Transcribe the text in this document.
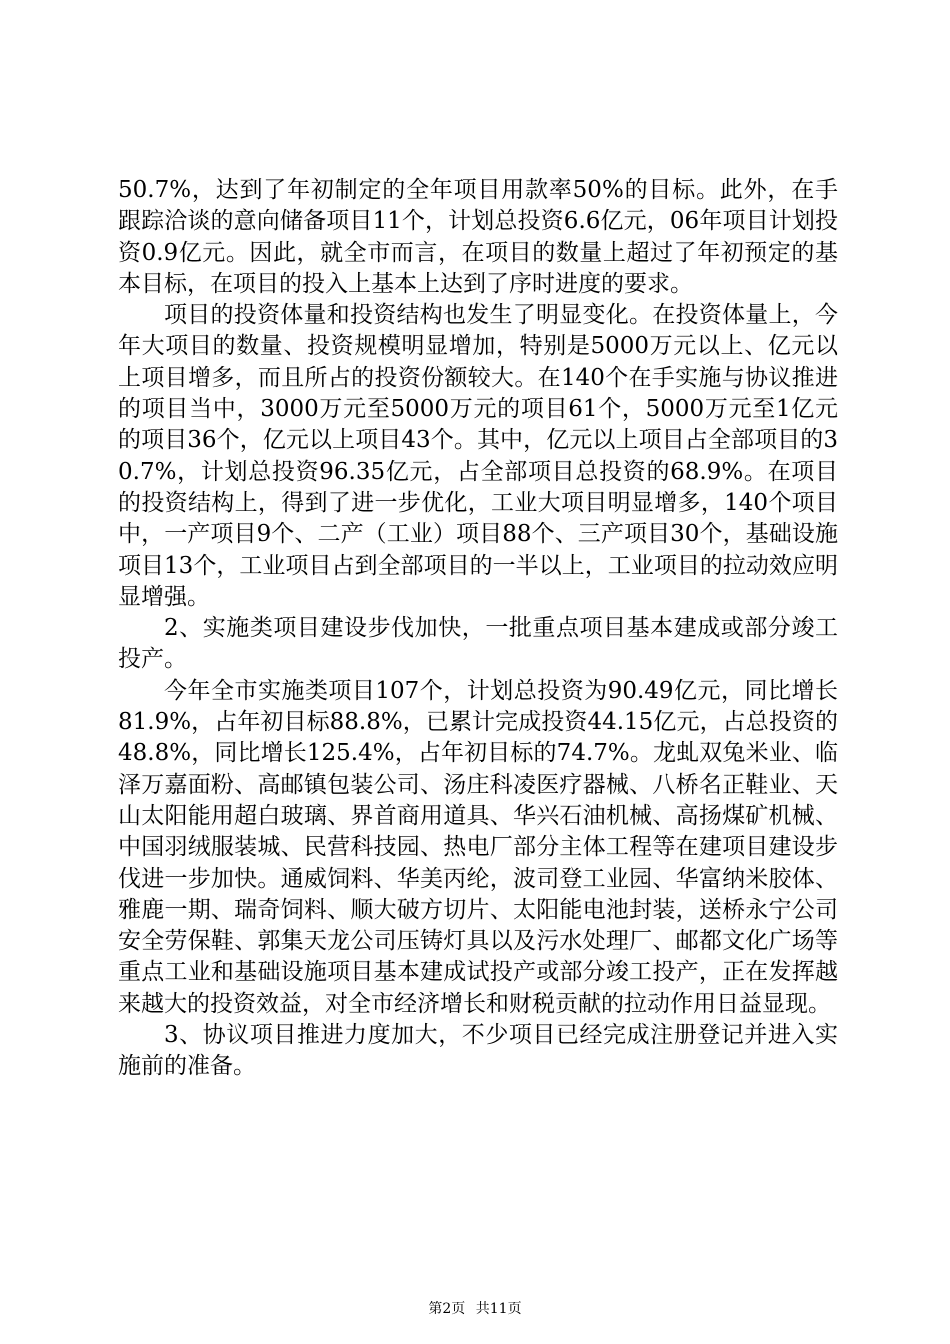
50.7%，达到了年初制定的全年项目用款率50%的目标。此外，在手跟踪洽谈的意向储备项目11个，计划总投资6.6亿元，06年项目计划投资0.9亿元。因此，就全市而言，在项目的数量上超过了年初预定的基本目标，在项目的投入上基本上达到了序时进度的要求。

项目的投资体量和投资结构也发生了明显变化。在投资体量上，今年大项目的数量、投资规模明显增加，特别是5000万元以上、亿元以上项目增多，而且所占的投资份额较大。在140个在手实施与协议推进的项目当中，3000万元至5000万元的项目61个，5000万元至1亿元的项目36个，亿元以上项目43个。其中，亿元以上项目占全部项目的30.7%，计划总投资96.35亿元，占全部项目总投资的68.9%。在项目的投资结构上，得到了进一步优化，工业大项目明显增多，140个项目中，一产项目9个、二产（工业）项目88个、三产项目30个，基础设施项目13个，工业项目占到全部项目的一半以上，工业项目的拉动效应明显增强。

2、实施类项目建设步伐加快，一批重点项目基本建成或部分竣工投产。

今年全市实施类项目107个，计划总投资为90.49亿元，同比增长81.9%，占年初目标88.8%，已累计完成投资44.15亿元，占总投资的48.8%，同比增长125.4%，占年初目标的74.7%。龙虬双兔米业、临泽万嘉面粉、高邮镇包装公司、汤庄科凌医疗器械、八桥名正鞋业、天山太阳能用超白玻璃、界首商用道具、华兴石油机械、高扬煤矿机械、中国羽绒服装城、民营科技园、热电厂部分主体工程等在建项目建设步伐进一步加快。通威饲料、华美丙纶，波司登工业园、华富纳米胶体、雅鹿一期、瑞奇饲料、顺大破方切片、太阳能电池封装，送桥永宁公司安全劳保鞋、郭集天龙公司压铸灯具以及污水处理厂、邮都文化广场等重点工业和基础设施项目基本建成试投产或部分竣工投产，正在发挥越来越大的投资效益，对全市经济增长和财税贡献的拉动作用日益显现。

3、协议项目推进力度加大，不少项目已经完成注册登记并进入实施前的准备。

第2页 共11页
